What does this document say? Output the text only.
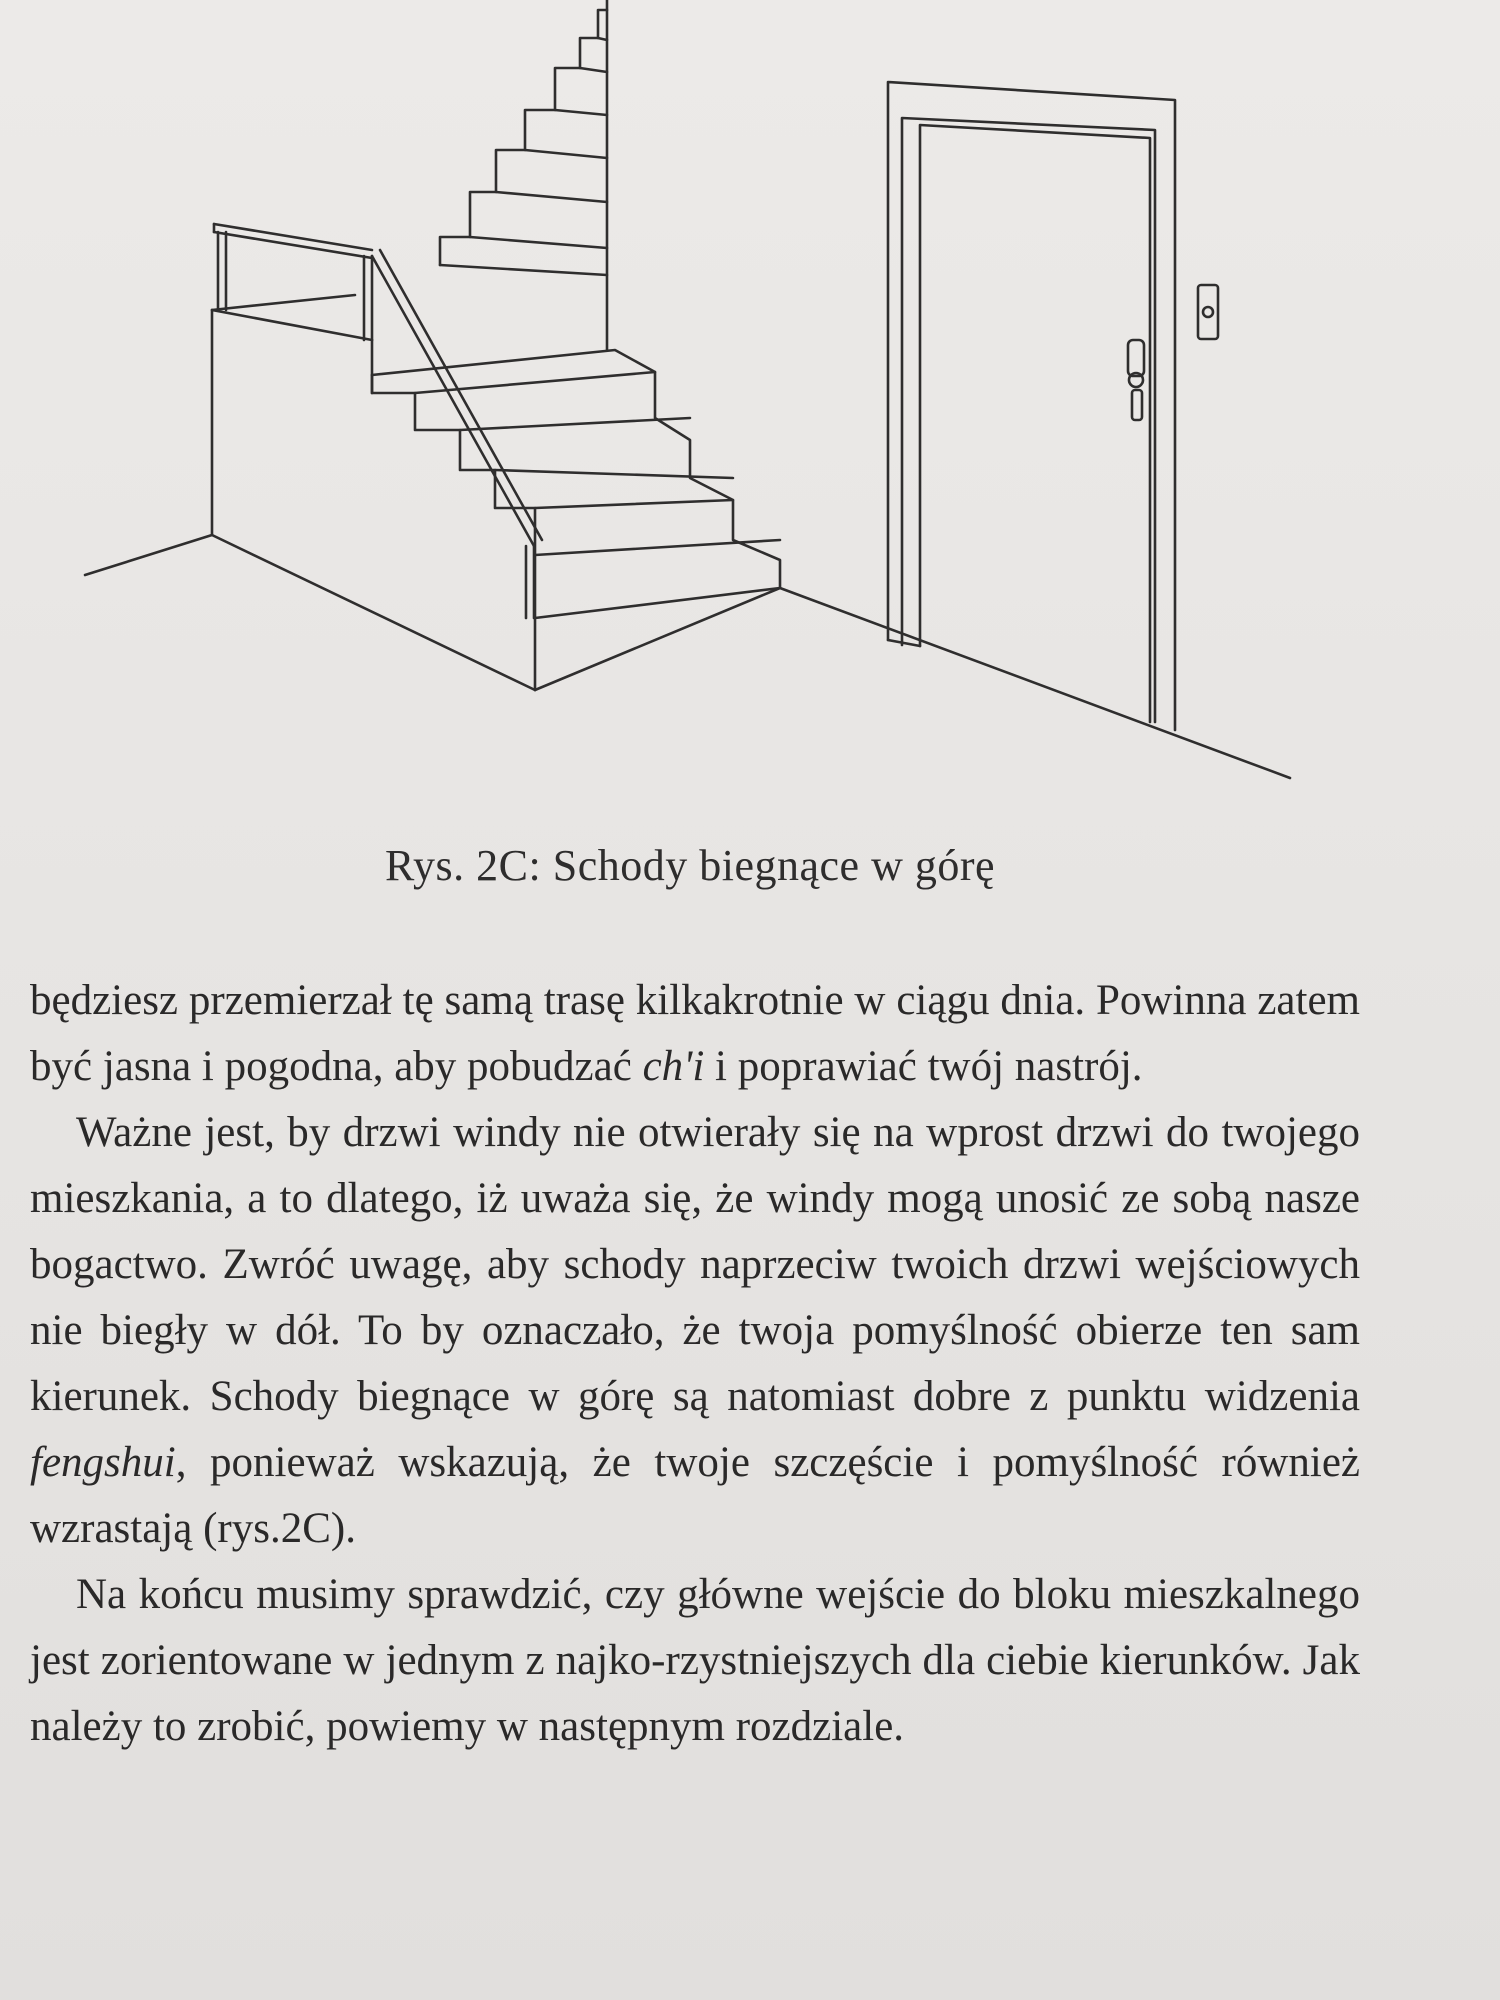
Rys. 2C: Schody biegnące w górę

będziesz przemierzał tę samą trasę kilkakrotnie w ciągu dnia. Powinna zatem być jasna i pogodna, aby pobudzać ch'i i poprawiać twój nastrój.

Ważne jest, by drzwi windy nie otwierały się na wprost drzwi do twojego mieszkania, a to dlatego, iż uważa się, że windy mogą unosić ze sobą nasze bogactwo. Zwróć uwagę, aby schody naprzeciw twoich drzwi wejściowych nie biegły w dół. To by oznaczało, że twoja pomyślność obierze ten sam kierunek. Schody biegnące w górę są natomiast dobre z punktu widzenia fengshui, ponieważ wskazują, że twoje szczęście i pomyślność również wzrastają (rys.2C).

Na końcu musimy sprawdzić, czy główne wejście do bloku mieszkalnego jest zorientowane w jednym z najko-rzystniejszych dla ciebie kierunków. Jak należy to zrobić, powiemy w następnym rozdziale.
